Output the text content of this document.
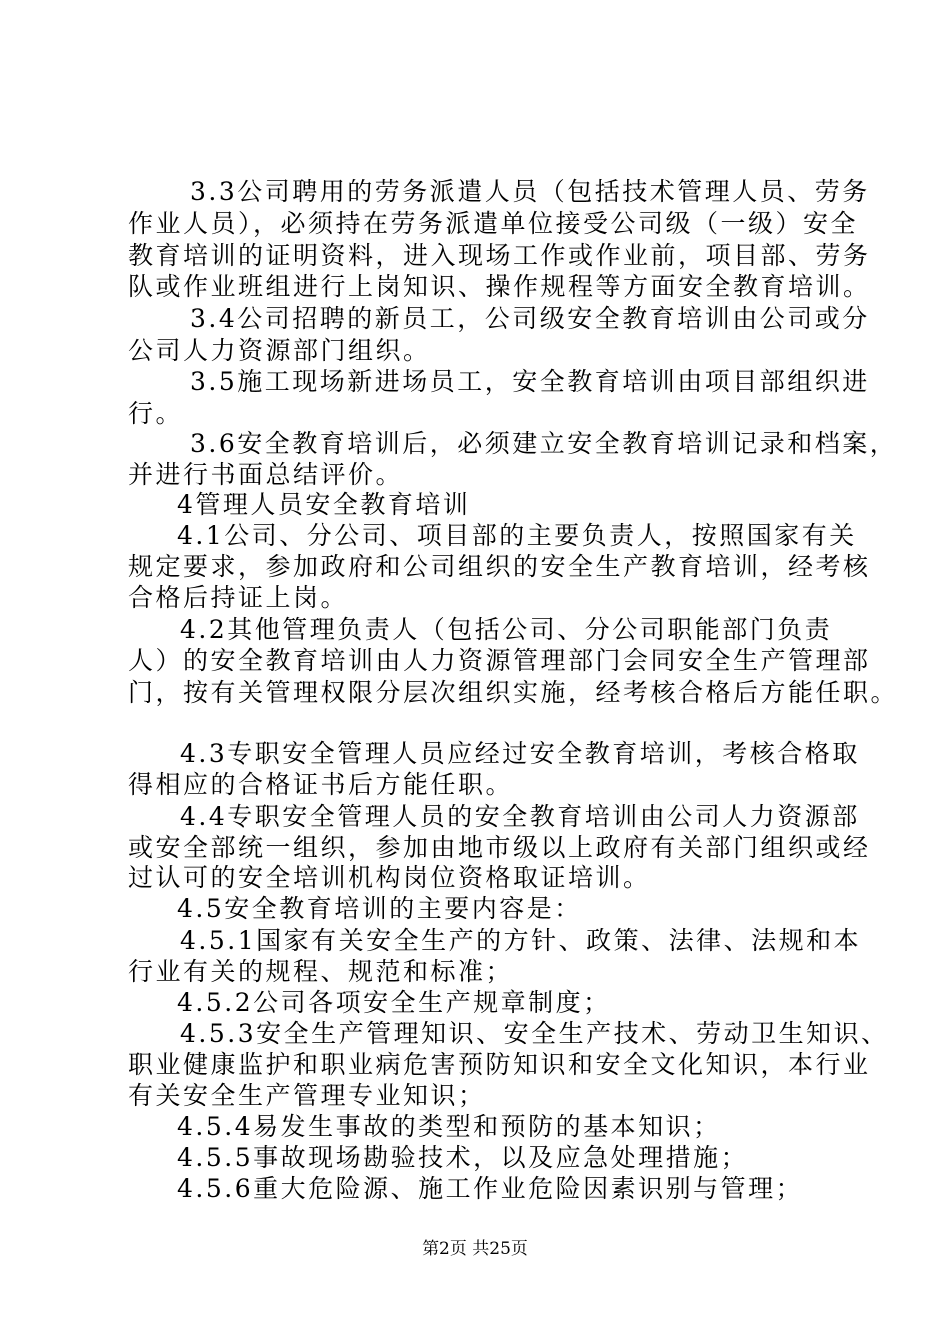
3.3公司聘用的劳务派遣人员（包括技术管理人员、劳务
作业人员），必须持在劳务派遣单位接受公司级（一级）安全
教育培训的证明资料，进入现场工作或作业前，项目部、劳务
队或作业班组进行上岗知识、操作规程等方面安全教育培训。
3.4公司招聘的新员工，公司级安全教育培训由公司或分
公司人力资源部门组织。
3.5施工现场新进场员工，安全教育培训由项目部组织进
行。
3.6安全教育培训后，必须建立安全教育培训记录和档案，
并进行书面总结评价。
4管理人员安全教育培训
4.1公司、分公司、项目部的主要负责人，按照国家有关
规定要求，参加政府和公司组织的安全生产教育培训，经考核
合格后持证上岗。
4.2其他管理负责人（包括公司、分公司职能部门负责
人）的安全教育培训由人力资源管理部门会同安全生产管理部
门，按有关管理权限分层次组织实施，经考核合格后方能任职。
4.3专职安全管理人员应经过安全教育培训，考核合格取
得相应的合格证书后方能任职。
4.4专职安全管理人员的安全教育培训由公司人力资源部
或安全部统一组织，参加由地市级以上政府有关部门组织或经
过认可的安全培训机构岗位资格取证培训。
4.5安全教育培训的主要内容是：
4.5.1国家有关安全生产的方针、政策、法律、法规和本
行业有关的规程、规范和标准；
4.5.2公司各项安全生产规章制度；
4.5.3安全生产管理知识、安全生产技术、劳动卫生知识、
职业健康监护和职业病危害预防知识和安全文化知识，本行业
有关安全生产管理专业知识；
4.5.4易发生事故的类型和预防的基本知识；
4.5.5事故现场勘验技术，以及应急处理措施；
4.5.6重大危险源、施工作业危险因素识别与管理；
第2页 共25页
